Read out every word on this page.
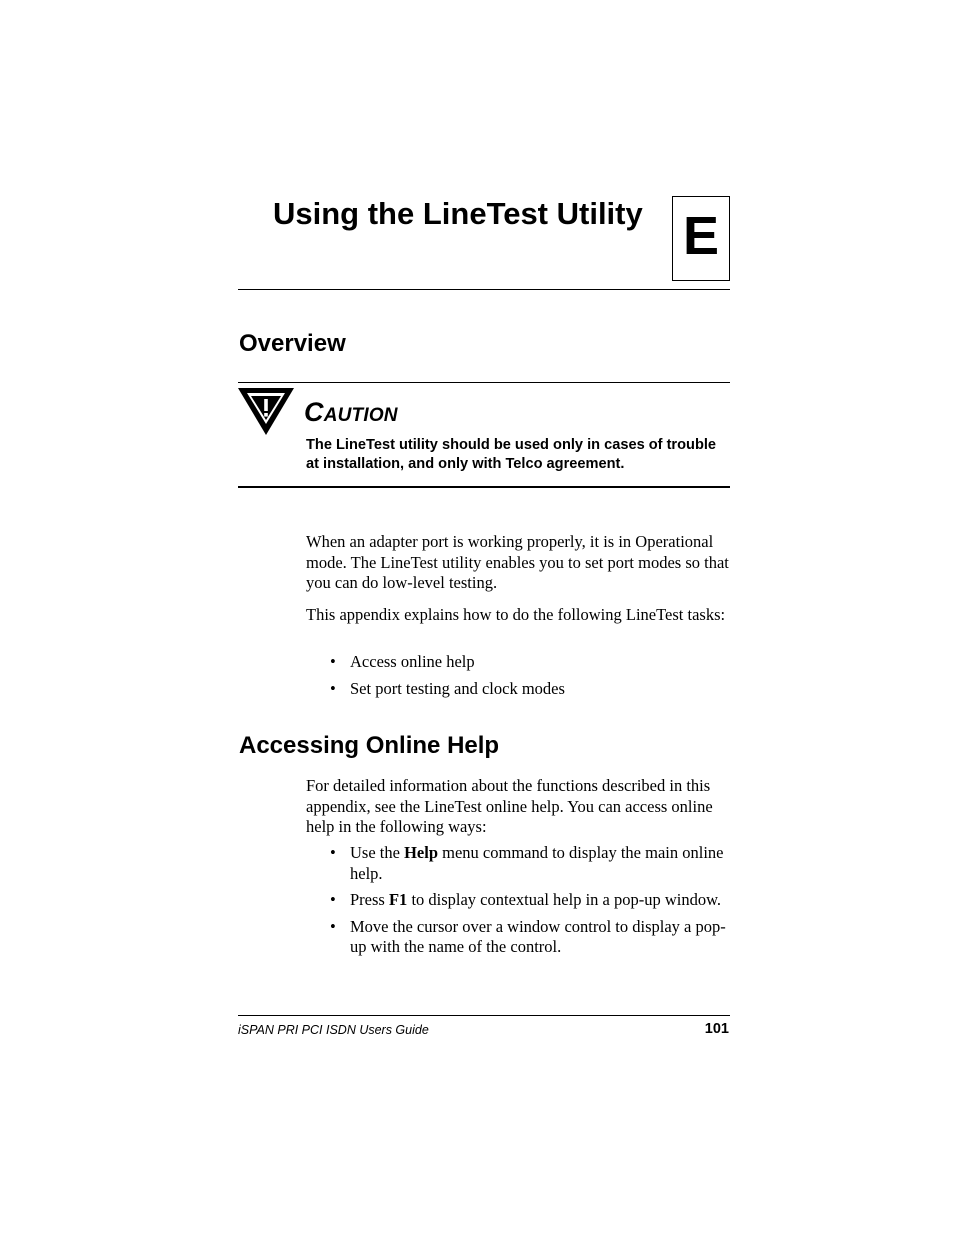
Using the LineTest Utility E
Overview

CAUTION

The LineTest utility should be used only in cases of trouble at installation, and only with Telco agreement.

When an adapter port is working properly, it is in Operational mode. The LineTest utility enables you to set port modes so that you can do low-level testing.

This appendix explains how to do the following LineTest tasks:

• Access online help
• Set port testing and clock modes
Accessing Online Help

For detailed information about the functions described in this appendix, see the LineTest online help. You can access online help in the following ways:

• Use the Help menu command to display the main online help.
• Press F1 to display contextual help in a pop-up window.
• Move the cursor over a window control to display a pop-up with the name of the control.

iSPAN PRI PCI ISDN Users Guide	101
